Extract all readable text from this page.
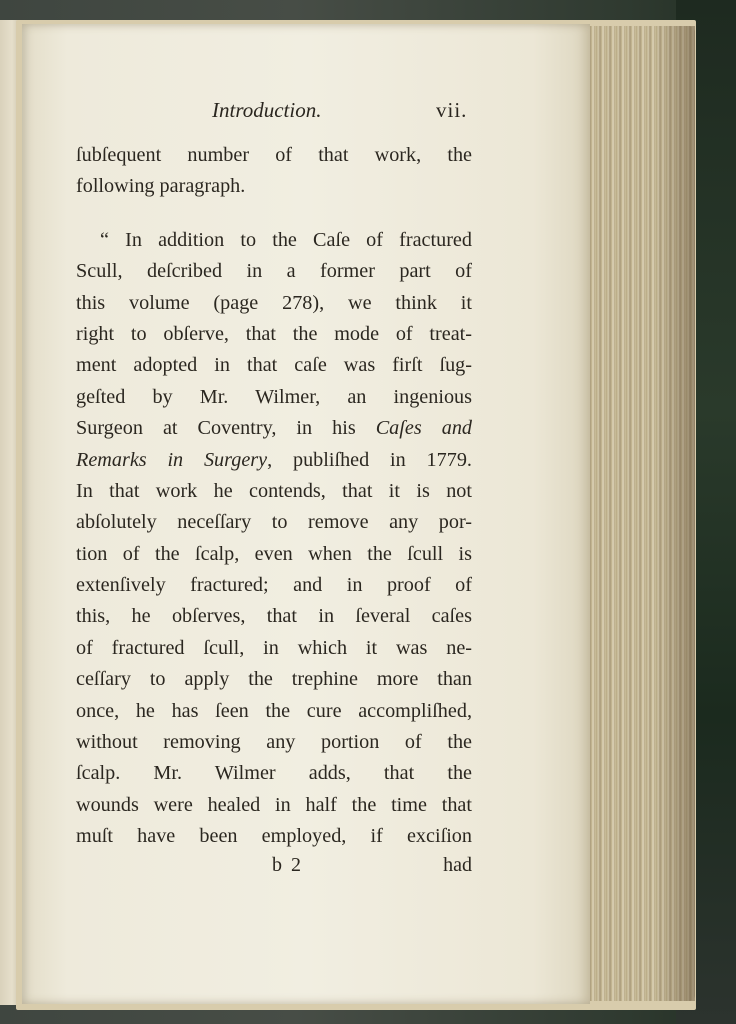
Introduction.	vii.
ſubſequent number of that work, the
following paragraph.
“ In addition to the Caſe of fractured
Scull, deſcribed in a former part of
this volume (page 278), we think it
right to obſerve, that the mode of treat-
ment adopted in that caſe was firſt ſug-
geſted by Mr. Wilmer, an ingenious
Surgeon at Coventry, in his Caſes and
Remarks in Surgery, publiſhed in 1779.
In that work he contends, that it is not
abſolutely neceſſary to remove any por-
tion of the ſcalp, even when the ſcull is
extenſively fractured; and in proof of
this, he obſerves, that in ſeveral caſes
of fractured ſcull, in which it was ne-
ceſſary to apply the trephine more than
once, he has ſeen the cure accompliſhed,
without removing any portion of the
ſcalp. Mr. Wilmer adds, that the
wounds were healed in half the time that
muſt have been employed, if exciſion
b 2	had
